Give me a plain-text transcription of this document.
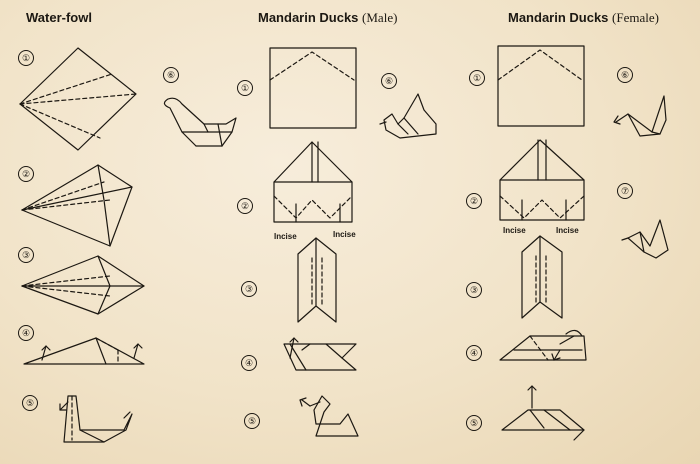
Water-fowl	Mandarin Ducks (Male)	Mandarin Ducks (Female)
①
②
③
④
⑤
⑥
①
②
③
④
⑤
⑥	①
②
③
④
⑤
⑥
⑦
Incise	Incise	Incise	Incise
